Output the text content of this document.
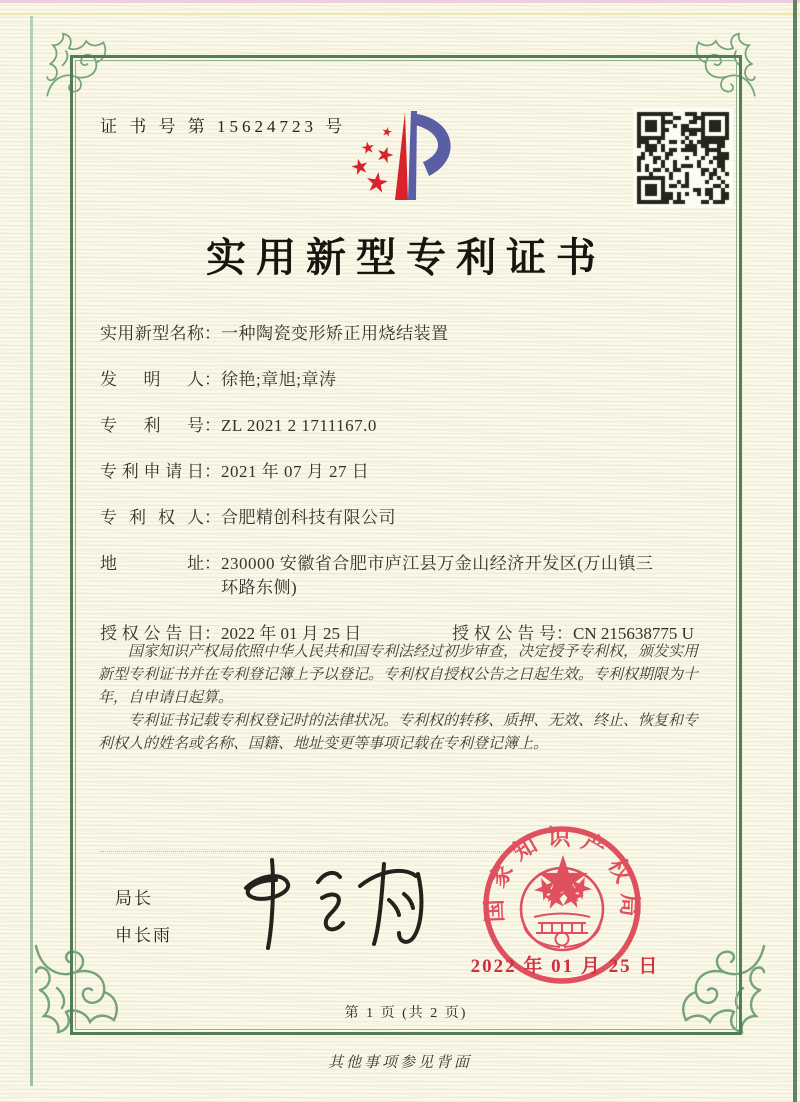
证 书 号 第 15624723 号
实用新型专利证书
实用新型名称 ： 一种陶瓷变形矫正用烧结装置
发明人 ： 徐艳;章旭;章涛
专利号 ： ZL 2021 2 1711167.0
专利申请日 ： 2021 年 07 月 27 日
专利权人 ： 合肥精创科技有限公司
地址 ： 230000 安徽省合肥市庐江县万金山经济开发区(万山镇三环路东侧)
授权公告日 ： 2022 年 01 月 25 日	授权公告号 ： CN 215638775 U

国家知识产权局依照中华人民共和国专利法经过初步审查，决定授予专利权，颁发实用新型专利证书并在专利登记簿上予以登记。专利权自授权公告之日起生效。专利权期限为十年，自申请日起算。

专利证书记载专利权登记时的法律状况。专利权的转移、质押、无效、终止、恢复和专利权人的姓名或名称、国籍、地址变更等事项记载在专利登记簿上。

局长
申长雨
国家知识产权局
2022 年 01 月 25 日
第 1 页 (共 2 页)
其他事项参见背面
